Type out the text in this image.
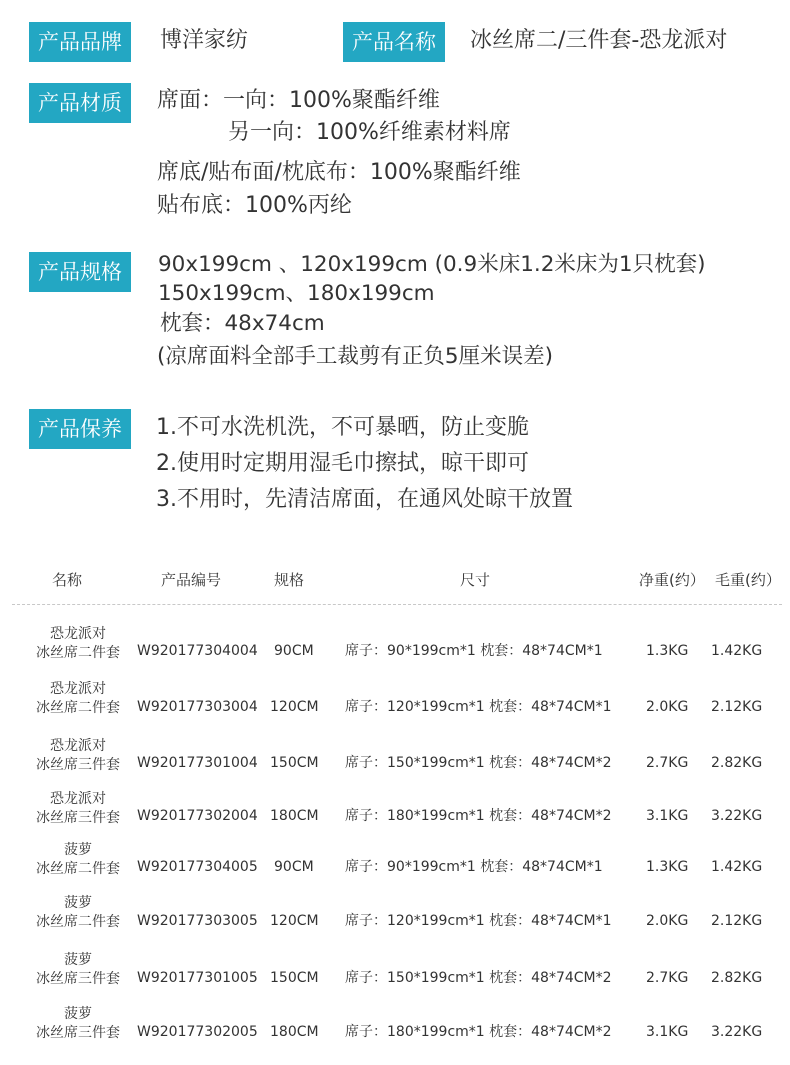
产品品牌	博洋家纺	产品名称	冰丝席二/三件套-恐龙派对
产品材质	席面：一向：100%聚酯纤维
另一向：100%纤维素材料席
席底/贴布面/枕底布：100%聚酯纤维
贴布底：100%丙纶
产品规格	90x199cm 、120x199cm (0.9米床1.2米床为1只枕套)
150x199cm、180x199cm
枕套：48x74cm
(凉席面料全部手工裁剪有正负5厘米误差)
产品保养	1.不可水洗机洗，不可暴晒，防止变脆
2.使用时定期用湿毛巾擦拭，晾干即可
3.不用时，先清洁席面，在通风处晾干放置
名称	产品编号	规格	尺寸	净重(约） 毛重(约）
恐龙派对
冰丝席二件套	W920177304004 90CM 席子：90*199cm*1 枕套：48*74CM*1	1.3KG 1.42KG
恐龙派对
冰丝席二件套	W920177303004 120CM 席子：120*199cm*1 枕套：48*74CM*1 2.0KG 2.12KG
恐龙派对
冰丝席三件套	W920177301004 150CM 席子：150*199cm*1 枕套：48*74CM*2 2.7KG 2.82KG
恐龙派对
冰丝席三件套	W920177302004 180CM 席子：180*199cm*1 枕套：48*74CM*2 3.1KG 3.22KG
菠萝
冰丝席二件套	W920177304005 90CM 席子：90*199cm*1 枕套：48*74CM*1	1.3KG 1.42KG
菠萝
冰丝席二件套	W920177303005 120CM 席子：120*199cm*1 枕套：48*74CM*1 2.0KG 2.12KG
菠萝
冰丝席三件套	W920177301005 150CM 席子：150*199cm*1 枕套：48*74CM*2 2.7KG 2.82KG
菠萝
冰丝席三件套	W920177302005 180CM 席子：180*199cm*1 枕套：48*74CM*2 3.1KG 3.22KG
